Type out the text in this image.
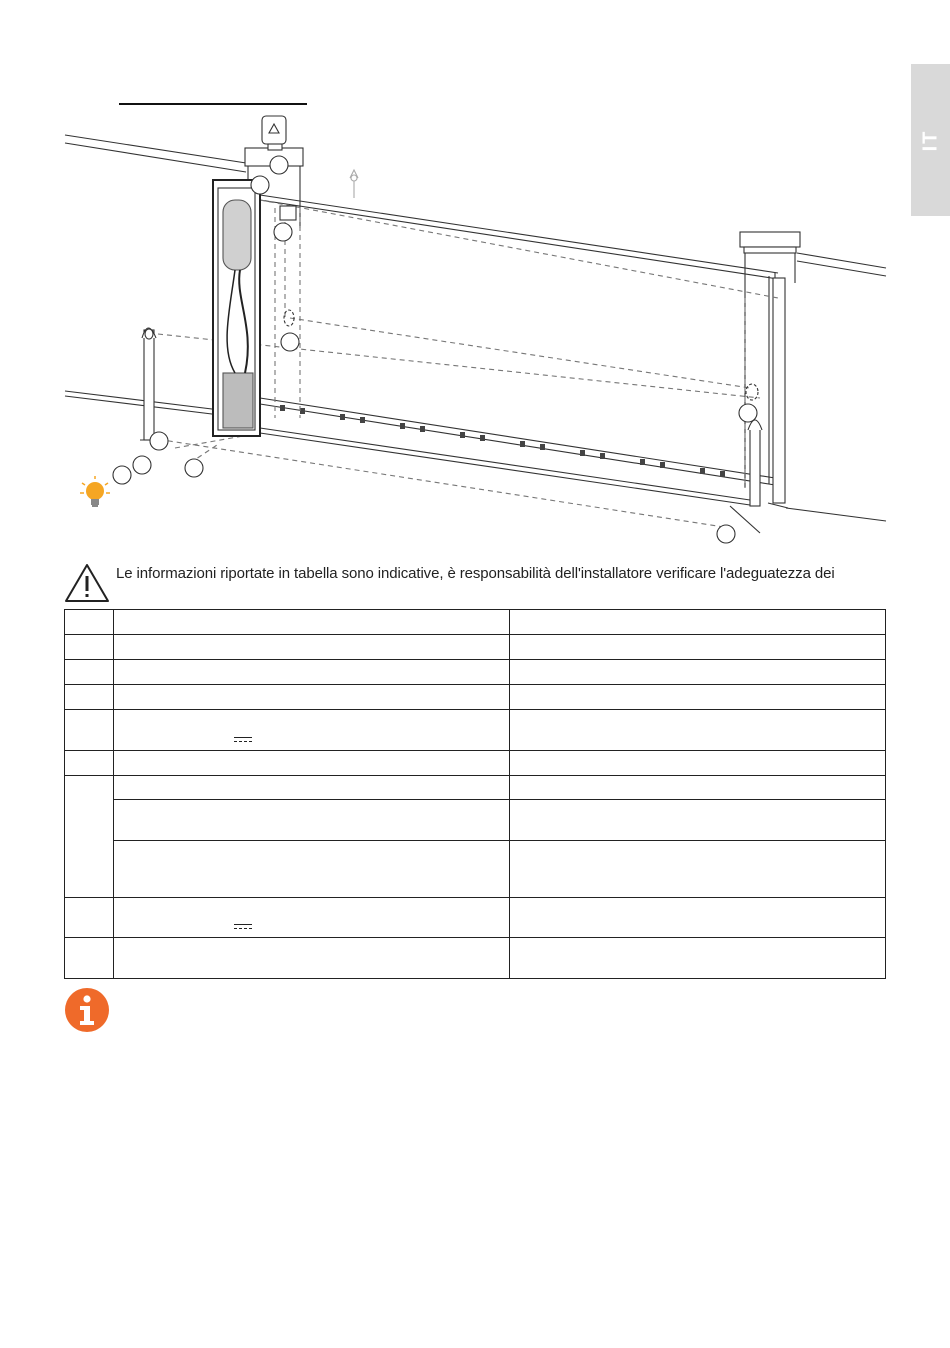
IT
Le informazioni riportate in tabella sono indicative, è responsabilità dell'installatore verificare l'adeguatezza dei
